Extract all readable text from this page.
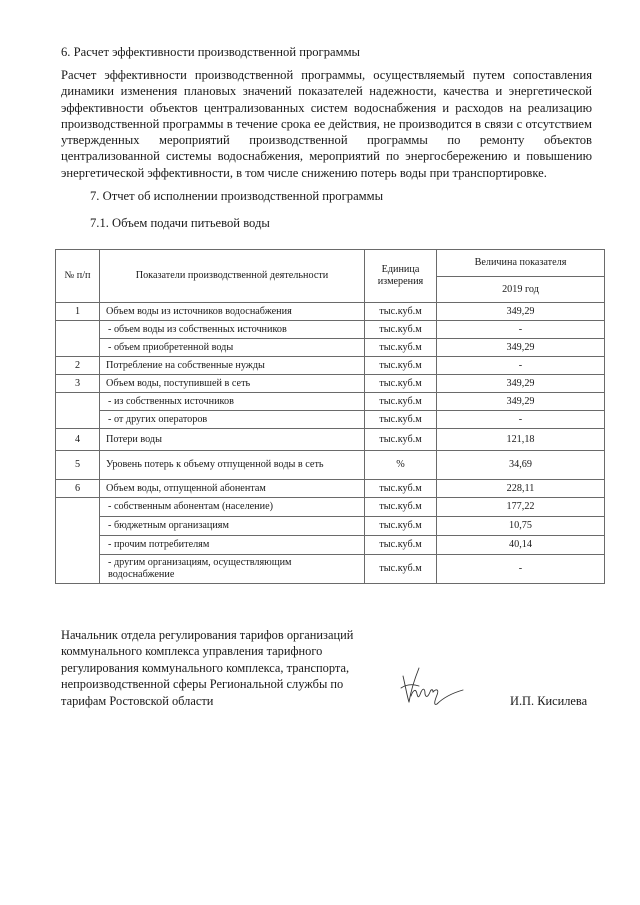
6. Расчет эффективности производственной программы
Расчет эффективности производственной программы, осуществляемый путем сопоставления динамики изменения плановых значений показателей надежности, качества и энергетической эффективности объектов централизованных систем водоснабжения и расходов на реализацию производственной программы в течение срока ее действия, не производится в связи с отсутствием утвержденных мероприятий производственной программы по ремонту объектов централизованной системы водоснабжения, мероприятий по энергосбережению и повышению энергетической эффективности, в том числе снижению потерь воды при транспортировке.
7. Отчет об исполнении производственной программы
7.1. Объем подачи питьевой воды
№ п/п	Показатели производственной деятельности	Единица измерения	Величина показателя
			2019 год
1	Объем воды из источников водоснабжения	тыс.куб.м	349,29
	- объем воды из собственных источников	тыс.куб.м	-
	- объем приобретенной воды	тыс.куб.м	349,29
2	Потребление на собственные нужды	тыс.куб.м	-
3	Объем воды, поступившей в сеть	тыс.куб.м	349,29
	- из собственных источников	тыс.куб.м	349,29
	- от других операторов	тыс.куб.м	-
4	Потери воды	тыс.куб.м	121,18
5	Уровень потерь к объему отпущенной воды в сеть	%	34,69
6	Объем воды, отпущенной абонентам	тыс.куб.м	228,11
	- собственным абонентам (население)	тыс.куб.м	177,22
	- бюджетным организациям	тыс.куб.м	10,75
	- прочим потребителям	тыс.куб.м	40,14
	- другим организациям, осуществляющим водоснабжение	тыс.куб.м	-
Начальник отдела регулирования тарифов организаций
коммунального комплекса управления тарифного
регулирования коммунального комплекса, транспорта,
непроизводственной сферы Региональной службы по
тарифам Ростовской области	И.П. Кисилева
